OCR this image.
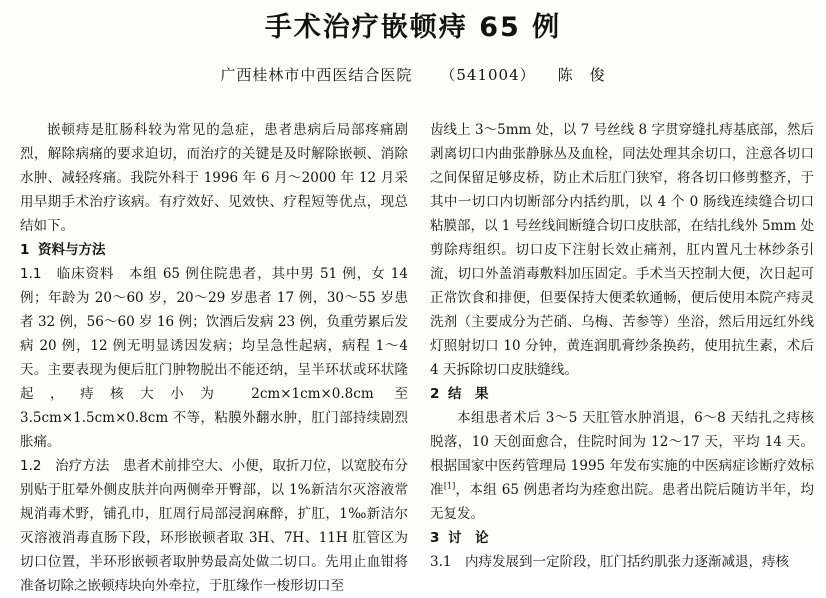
手术治疗嵌顿痔 65 例
广西桂林市中西医结合医院 （541004） 陈　俊

嵌顿痔是肛肠科较为常见的急症，患者患病后局部疼痛剧烈，解除病痛的要求迫切，而治疗的关键是及时解除嵌顿、消除水肿、减轻疼痛。我院外科于 1996 年 6 月～2000 年 12 月采用早期手术治疗该病。有疗效好、见效快、疗程短等优点，现总结如下。

1 资料与方法

1.1　临床资料　 本组 65 例住院患者，其中男 51 例，女 14 例；年龄为 20～60 岁，20～29 岁患者 17 例，30～55 岁患者 32 例，56～60 岁 16 例；饮酒后发病 23 例，负重劳累后发病 20 例，12 例无明显诱因发病；均呈急性起病，病程 1～4 天。主要表现为便后肛门肿物脱出不能还纳，呈半环状或环状隆起，痔核大小为 2cm×1cm×0.8cm 至 3.5cm×1.5cm×0.8cm 不等，粘膜外翻水肿，肛门部持续剧烈胀痛。

1.2　治疗方法　 患者术前排空大、小便，取折刀位，以宽胶布分别贴于肛晕外侧皮肤并向两侧牵开臀部，以 1%新洁尔灭溶液常规消毒术野，铺孔巾，肛周行局部浸润麻醉，扩肛，1‰新洁尔灭溶液消毒直肠下段，环形嵌顿者取 3H、7H、11H 肛管区为切口位置，半环形嵌顿者取肿势最高处做二切口。先用止血钳将准备切除之嵌顿痔块向外牵拉，于肛缘作一梭形切口至

齿线上 3～5mm 处，以 7 号丝线 8 字贯穿缝扎痔基底部，然后剥离切口内曲张静脉丛及血栓，同法处理其余切口，注意各切口之间保留足够皮桥，防止术后肛门狭窄，将各切口修剪整齐，于其中一切口内切断部分内括约肌，以 4 个 0 肠线连续缝合切口粘膜部，以 1 号丝线间断缝合切口皮肤部，在结扎线外 5mm 处剪除痔组织。切口皮下注射长效止痛剂，肛内置凡士林纱条引流，切口外盖消毒敷料加压固定。手术当天控制大便，次日起可正常饮食和排便，但要保持大便柔软通畅，便后使用本院产痔灵洗剂（主要成分为芒硝、乌梅、苦参等）坐浴，然后用远红外线灯照射切口 10 分钟，黄连润肌膏纱条换药，使用抗生素，术后 4 天拆除切口皮肤缝线。

2 结　果

本组患者术后 3～5 天肛管水肿消退，6～8 天结扎之痔核脱落，10 天创面愈合，住院时间为 12～17 天，平均 14 天。根据国家中医药管理局 1995 年发布实施的中医病症诊断疗效标准[1]，本组 65 例患者均为痊愈出院。患者出院后随访半年，均无复发。

3 讨　论

3.1　内痔发展到一定阶段，肛门括约肌张力逐渐减退，痔核
